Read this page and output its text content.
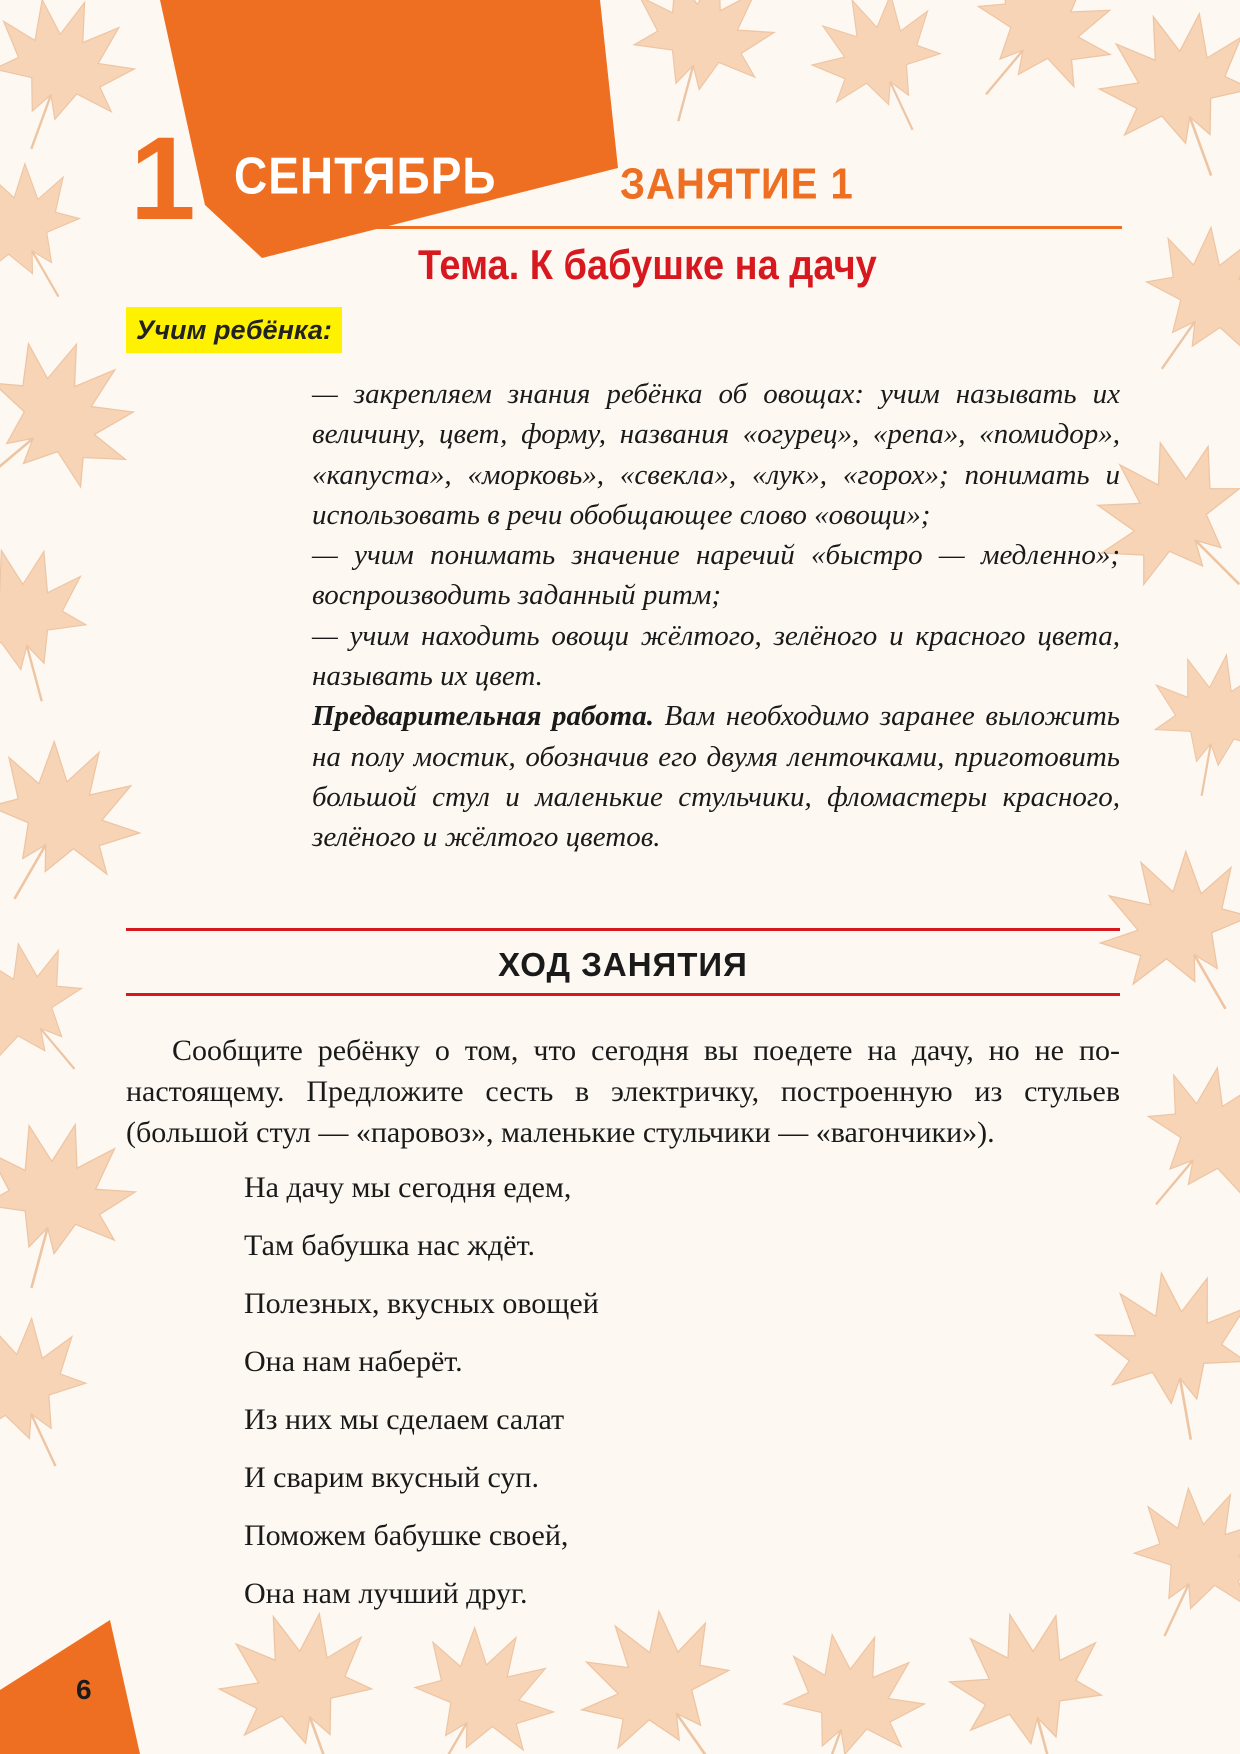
1 СЕНТЯБРЬ	ЗАНЯТИЕ 1
Тема. К бабушке на дачу
Учим ребёнка:

— закрепляем знания ребёнка об овощах: учим называть их величину, цвет, форму, названия «огурец», «репа», «помидор», «капуста», «морковь», «свекла», «лук», «горох»; понимать и использовать в речи обобщающее слово «овощи»;

— учим понимать значение наречий «быстро — медленно»; воспроизводить заданный ритм;

— учим находить овощи жёлтого, зелёного и красного цвета, называть их цвет.

Предварительная работа. Вам необходимо заранее выложить на полу мостик, обозначив его двумя ленточками, приготовить большой стул и маленькие стульчики, фломастеры красного, зелёного и жёлтого цветов.

ХОД ЗАНЯТИЯ

Сообщите ребёнку о том, что сегодня вы поедете на дачу, но не по-настоящему. Предложите сесть в электричку, построенную из стульев (большой стул — «паровоз», маленькие стульчики — «вагончики»).

На дачу мы сегодня едем,
Там бабушка нас ждёт.
Полезных, вкусных овощей
Она нам наберёт.
Из них мы сделаем салат
И сварим вкусный суп.
Поможем бабушке своей,
Она нам лучший друг.
6
